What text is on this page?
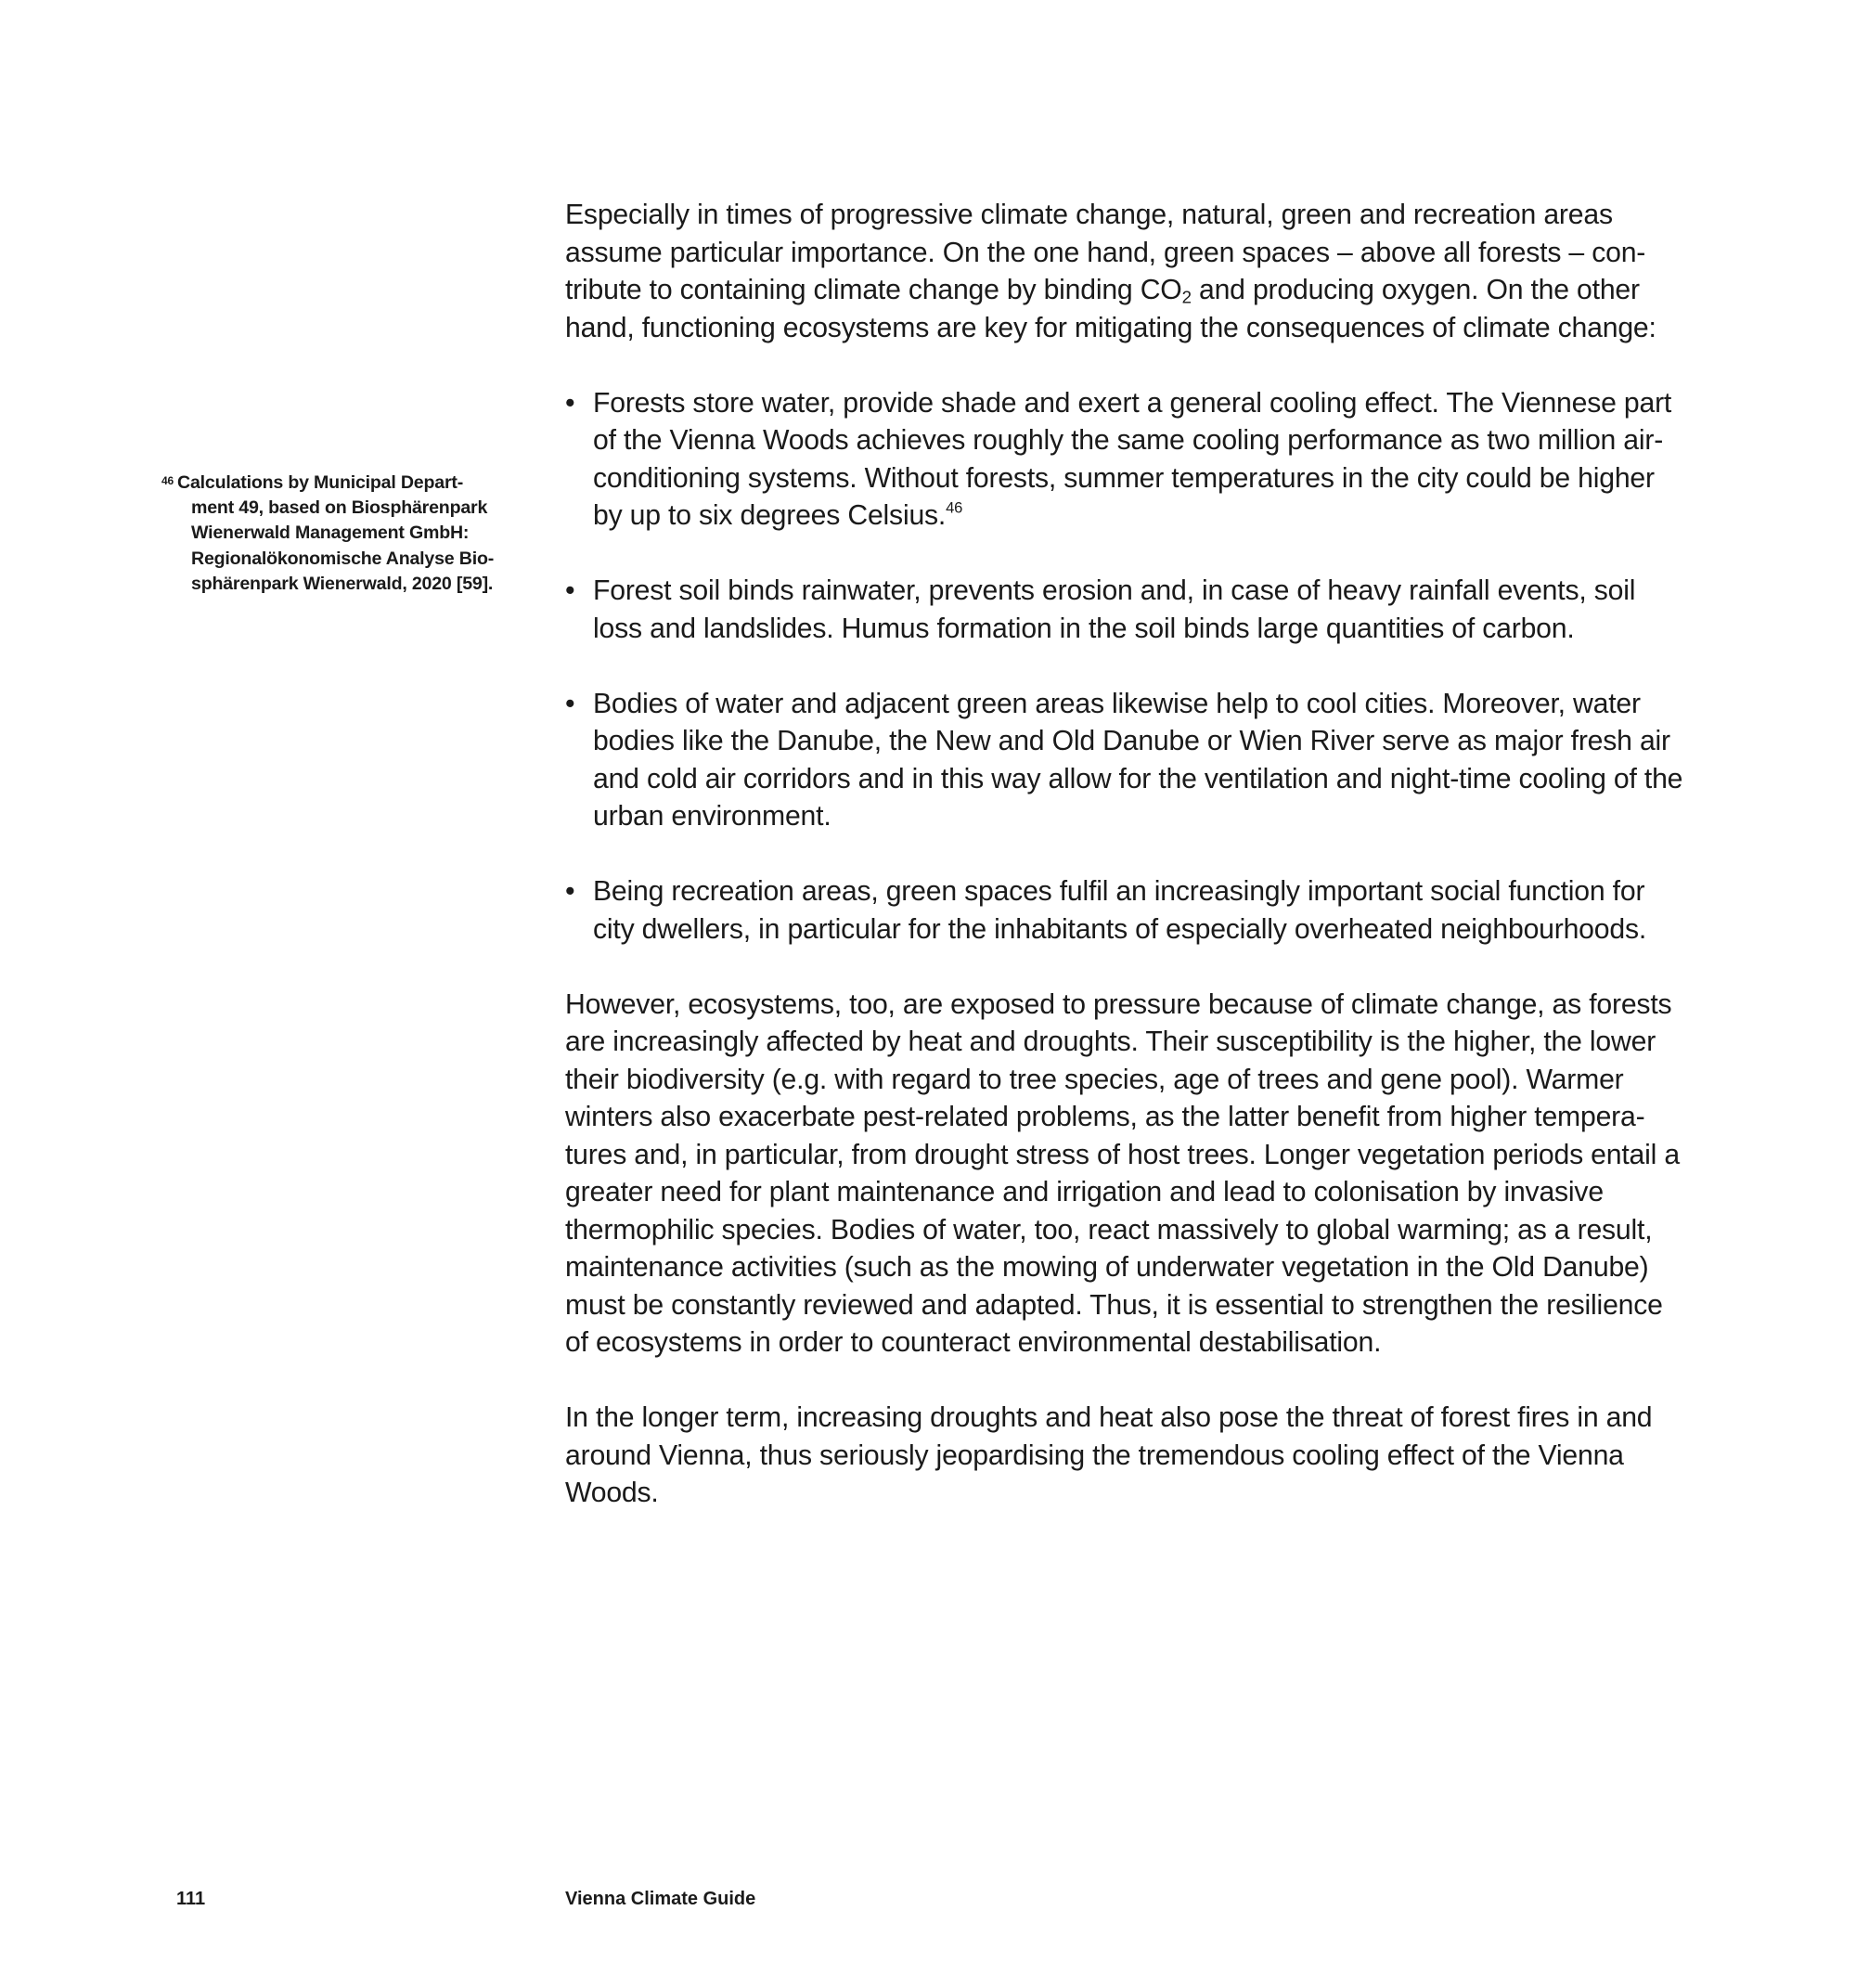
Especially in times of progressive climate change, natural, green and recreation areas assume particular importance. On the one hand, green spaces – above all forests – contribute to containing climate change by binding $CO_2$ and producing oxygen. On the other hand, functioning ecosystems are key for mitigating the consequences of climate change:

• Forests store water, provide shade and exert a general cooling effect. The Viennese part of the Vienna Woods achieves roughly the same cooling performance as two million air-conditioning systems. Without forests, summer temperatures in the city could be higher by up to six degrees Celsius.$^{46}$
• Forest soil binds rainwater, prevents erosion and, in case of heavy rainfall events, soil loss and landslides. Humus formation in the soil binds large quantities of carbon.
• Bodies of water and adjacent green areas likewise help to cool cities. Moreover, water bodies like the Danube, the New and Old Danube or Wien River serve as major fresh air and cold air corridors and in this way allow for the ventilation and night-time cooling of the urban environment.
• Being recreation areas, green spaces fulfil an increasingly important social function for city dwellers, in particular for the inhabitants of especially overheated neighbourhoods.

However, ecosystems, too, are exposed to pressure because of climate change, as forests are increasingly affected by heat and droughts. Their susceptibility is the higher, the lower their biodiversity (e.g. with regard to tree species, age of trees and gene pool). Warmer winters also exacerbate pest-related problems, as the latter benefit from higher temperatures and, in particular, from drought stress of host trees. Longer vegetation periods entail a greater need for plant maintenance and irrigation and lead to colonisation by invasive thermophilic species. Bodies of water, too, react massively to global warming; as a result, maintenance activities (such as the mowing of underwater vegetation in the Old Danube) must be constantly reviewed and adapted. Thus, it is essential to strengthen the resilience of ecosystems in order to counteract environmental destabilisation.

In the longer term, increasing droughts and heat also pose the threat of forest fires in and around Vienna, thus seriously jeopardising the tremendous cooling effect of the Vienna Woods.

46 Calculations by Municipal Depart-
ment 49, based on Biosphärenpark
Wienerwald Management GmbH:
Regionalökonomische Analyse Bio-
sphärenpark Wienerwald, 2020 [59].
111	Vienna Climate Guide
